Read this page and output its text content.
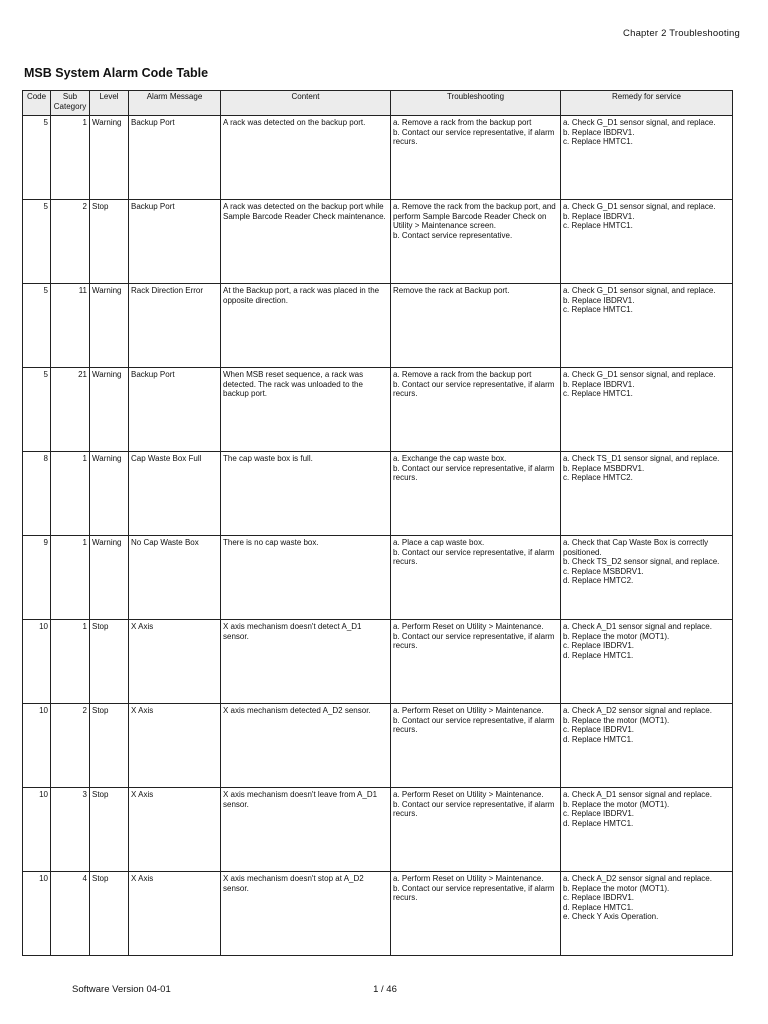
Chapter 2 Troubleshooting
MSB System Alarm Code Table
Code	Sub Category	Level	Alarm Message	Content	Troubleshooting	Remedy for service
5	1	Warning	Backup Port	A rack was detected on the backup port.	a. Remove a rack from the backup port
b. Contact our service representative, if alarm recurs.	a. Check G_D1 sensor signal, and replace.
b. Replace IBDRV1.
c. Replace HMTC1.

5	2	Stop	Backup Port	A rack was detected on the backup port while Sample Barcode Reader Check maintenance.	a. Remove the rack from the backup port, and perform Sample Barcode Reader Check on Utility > Maintenance screen.
b. Contact service representative.	a. Check G_D1 sensor signal, and replace.
b. Replace IBDRV1.
c. Replace HMTC1.

5	11	Warning	Rack Direction Error	At the Backup port, a rack was placed in the opposite direction.	Remove the rack at Backup port.	a. Check G_D1 sensor signal, and replace.
b. Replace IBDRV1.
c. Replace HMTC1.

5	21	Warning	Backup Port	When MSB reset sequence, a rack was detected. The rack was unloaded to the backup port.	a. Remove a rack from the backup port
b. Contact our service representative, if alarm recurs.	a. Check G_D1 sensor signal, and replace.
b. Replace IBDRV1.
c. Replace HMTC1.

8	1	Warning	Cap Waste Box Full	The cap waste box is full.	a. Exchange the cap waste box.
b. Contact our service representative, if alarm recurs.	a. Check TS_D1 sensor signal, and replace.
b. Replace MSBDRV1.
c. Replace HMTC2.

9	1	Warning	No Cap Waste Box	There is no cap waste box.	a. Place a cap waste box.
b. Contact our service representative, if alarm recurs.	a. Check that Cap Waste Box is correctly positioned.
b. Check TS_D2 sensor signal, and replace.
c. Replace MSBDRV1.
d. Replace HMTC2.

10	1	Stop	X Axis	X axis mechanism doesn't detect A_D1 sensor.	a. Perform Reset on Utility > Maintenance.
b. Contact our service representative, if alarm recurs.	a. Check A_D1 sensor signal and replace.
b. Replace the motor (MOT1).
c. Replace IBDRV1.
d. Replace HMTC1.

10	2	Stop	X Axis	X axis mechanism detected A_D2 sensor.	a. Perform Reset on Utility > Maintenance.
b. Contact our service representative, if alarm recurs.	a. Check A_D2 sensor signal and replace.
b. Replace the motor (MOT1).
c. Replace IBDRV1.
d. Replace HMTC1.

10	3	Stop	X Axis	X axis mechanism doesn't leave from A_D1 sensor.	a. Perform Reset on Utility > Maintenance.
b. Contact our service representative, if alarm recurs.	a. Check A_D1 sensor signal and replace.
b. Replace the motor (MOT1).
c. Replace IBDRV1.
d. Replace HMTC1.

10	4	Stop	X Axis	X axis mechanism doesn't stop at A_D2 sensor.	a. Perform Reset on Utility > Maintenance.
b. Contact our service representative, if alarm recurs.	a. Check A_D2 sensor signal and replace.
b. Replace the motor (MOT1).
c. Replace IBDRV1.
d. Replace HMTC1.
e. Check Y Axis Operation.
Software Version 04-01	1 / 46
